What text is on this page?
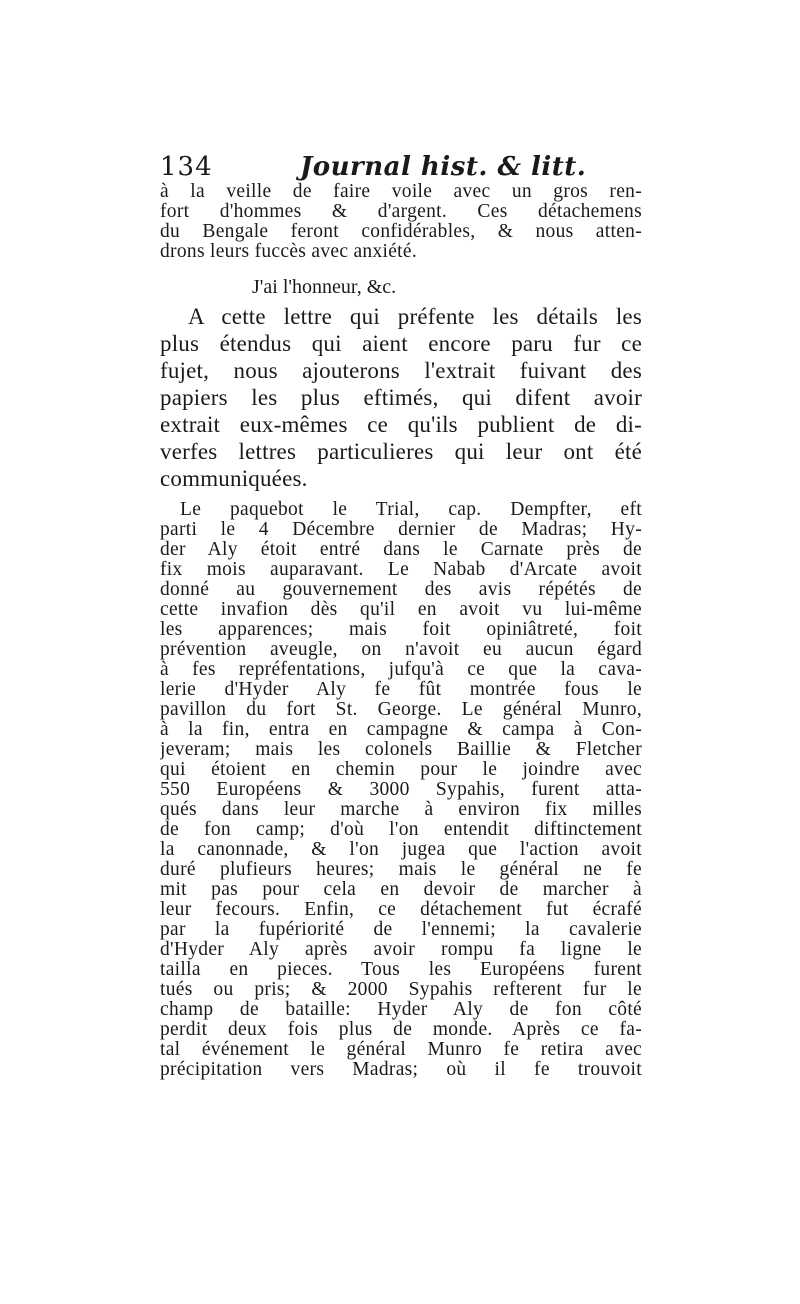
134	Journal hist. & litt.
à la veille de faire voile avec un gros ren-
fort d'hommes & d'argent. Ces détachemens
du Bengale feront confidérables, & nous atten-
drons leurs fuccès avec anxiété.
J'ai l'honneur, &c.
A cette lettre qui préfente les détails les
plus étendus qui aient encore paru fur ce
fujet, nous ajouterons l'extrait fuivant des
papiers les plus eftimés, qui difent avoir
extrait eux-mêmes ce qu'ils publient de di-
verfes lettres particulieres qui leur ont été
communiquées.
Le paquebot le Trial, cap. Dempfter, eft
parti le 4 Décembre dernier de Madras; Hy-
der Aly étoit entré dans le Carnate près de
fix mois auparavant. Le Nabab d'Arcate avoit
donné au gouvernement des avis répétés de
cette invafion dès qu'il en avoit vu lui-même
les apparences; mais foit opiniâtreté, foit
prévention aveugle, on n'avoit eu aucun égard
à fes repréfentations, jufqu'à ce que la cava-
lerie d'Hyder Aly fe fût montrée fous le
pavillon du fort St. George. Le général Munro,
à la fin, entra en campagne & campa à Con-
jeveram; mais les colonels Baillie & Fletcher
qui étoient en chemin pour le joindre avec
550 Européens & 3000 Sypahis, furent atta-
qués dans leur marche à environ fix milles
de fon camp; d'où l'on entendit diftinctement
la canonnade, & l'on jugea que l'action avoit
duré plufieurs heures; mais le général ne fe
mit pas pour cela en devoir de marcher à
leur fecours. Enfin, ce détachement fut écrafé
par la fupériorité de l'ennemi; la cavalerie
d'Hyder Aly après avoir rompu fa ligne le
tailla en pieces. Tous les Européens furent
tués ou pris; & 2000 Sypahis refterent fur le
champ de bataille: Hyder Aly de fon côté
perdit deux fois plus de monde. Après ce fa-
tal événement le général Munro fe retira avec
précipitation vers Madras; où il fe trouvoit
